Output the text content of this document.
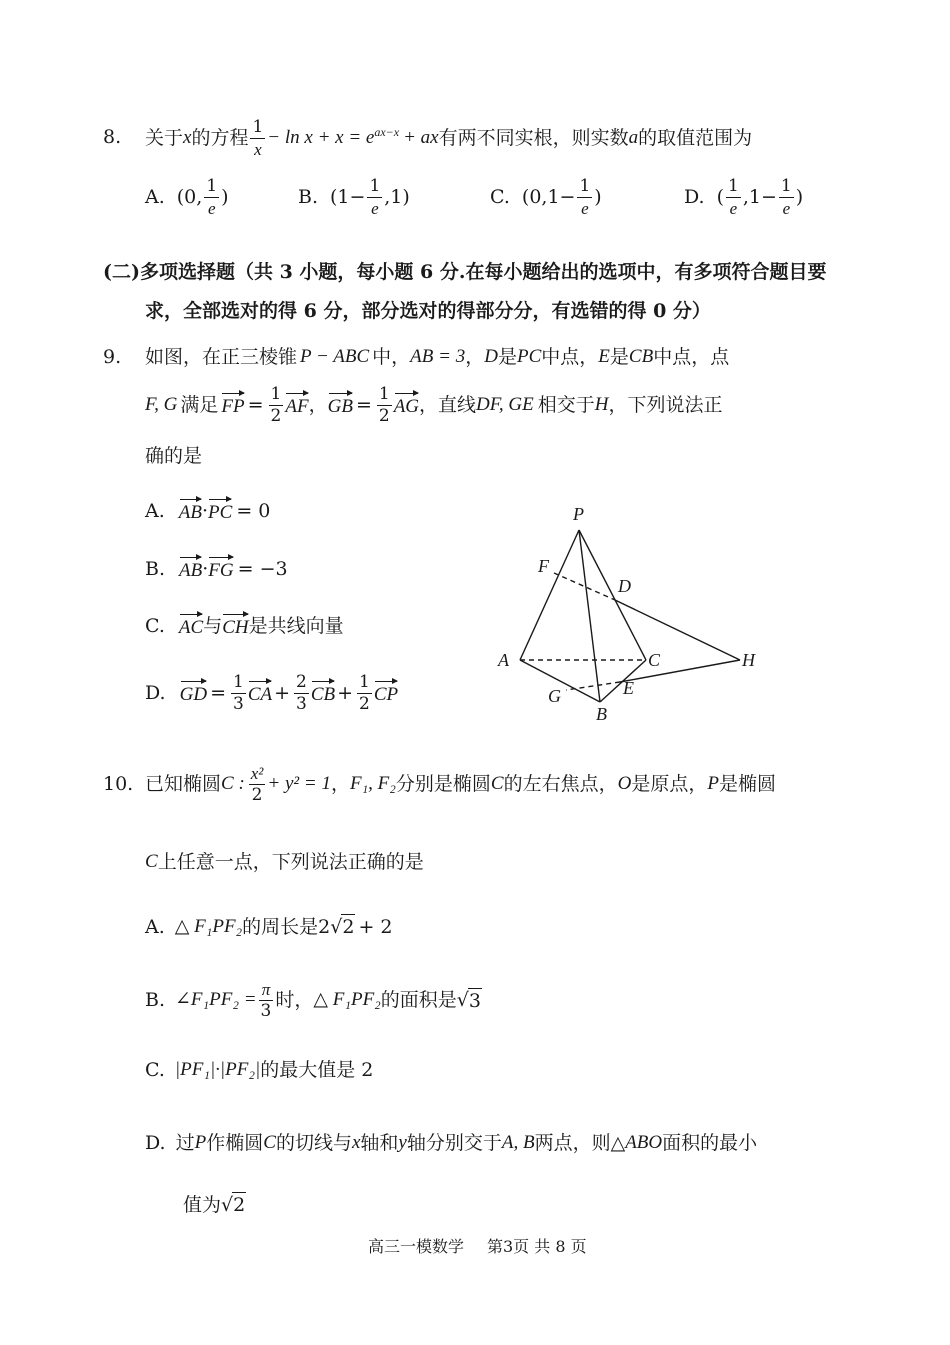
8. 关于 x 的方程 $\frac{1}{x} - \ln x + x = e^{ax-x}$ + ax 有两不同实根，则实数 a 的取值范围为
A. (0, $\frac{1}{e}$ )	B. $(1- \frac{1}{e} ,1)$	C. ($0,1- \frac{1}{e}$ )	D. ( $\frac{1}{e} ,1- \frac{1}{e}$ )
(二)多项选择题（共 3 小题，每小题 6 分.在每小题给出的选项中，有多项符合题目要
求，全部选对的得 6 分，部分选对的得部分分，有选错的得 0 分）
9. 如图，在正三棱锥 P − ABC 中， AB = 3 ， D 是 PC 中点， E 是 CB 中点，点
F, G 满足 FP = $\frac{1}{2}$ AF ， GB = $\frac{1}{2}$ AG ，直线 DF, GE 相交于 H ，下列说法正
确的是
A. AB · PC = 0
B. AB · FG = −3
C. AC 与 CH 是共线向量
D. GD = $\frac{1}{3}$ CA + $\frac{2}{3}$ CB + $\frac{1}{2}$ CP
P
F
D
A	C	H
G	E
B
10. 已知椭圆 C : $\frac{\text{x²}}{2} + y^2 = 1$ ， F₁, F₂ 分别是椭圆 C 的左右焦点， O 是原点， P 是椭圆
C 上任意一点，下列说法正确的是
A. △ F₁PF₂ 的周长是 2 √ 2 + 2
B. ∠F₁PF₂ = $\frac{\pi}{3}$ 时， △ F₁PF₂ 的面积是 √ 3
C. |PF₁|·|PF₂| 的最大值是 2
D. 过 P 作椭圆 C 的切线与 x 轴和 y 轴分别交于 A, B 两点，则△ ABO 面积的最小
值为 √ 2
高三一模数学 第3页 共 8 页
